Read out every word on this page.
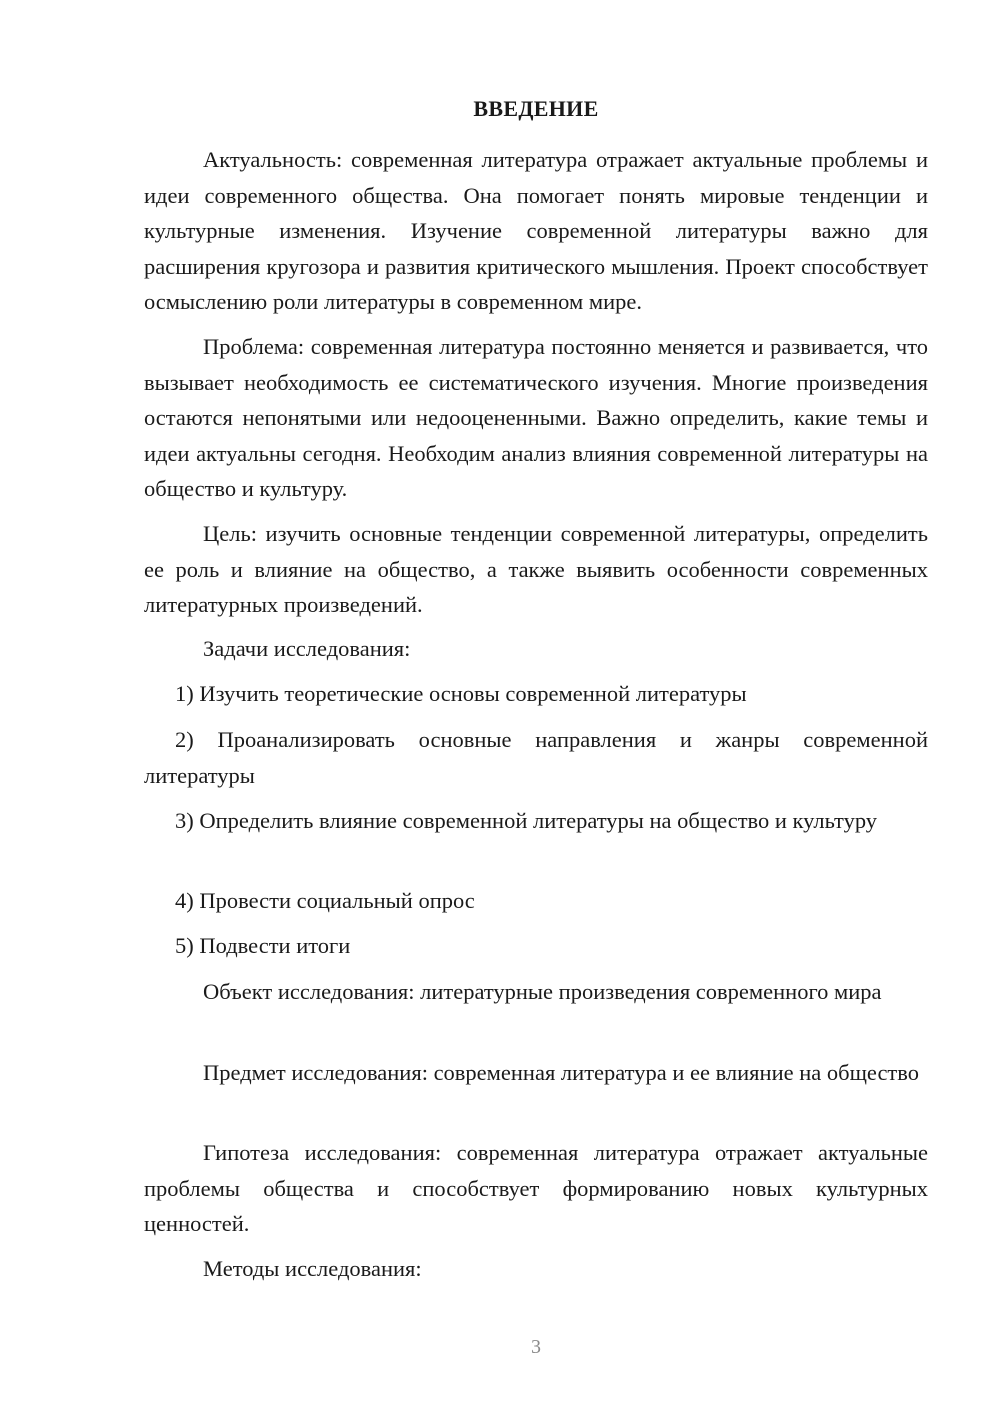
ВВЕДЕНИЕ

Актуальность: современная литература отражает актуальные проблемы и идеи современного общества. Она помогает понять мировые тенденции и культурные изменения. Изучение современной литературы важно для расширения кругозора и развития критического мышления. Проект способствует осмыслению роли литературы в современном мире.

Проблема: современная литература постоянно меняется и развивается, что вызывает необходимость ее систематического изучения. Многие произведения остаются непонятыми или недооцененными. Важно определить, какие темы и идеи актуальны сегодня. Необходим анализ влияния современной литературы на общество и культуру.

Цель: изучить основные тенденции современной литературы, определить ее роль и влияние на общество, а также выявить особенности современных литературных произведений.

Задачи исследования:

1) Изучить теоретические основы современной литературы

2) Проанализировать основные направления и жанры современной литературы

3) Определить влияние современной литературы на общество и культуру

4) Провести социальный опрос

5) Подвести итоги

Объект исследования: литературные произведения современного мира

Предмет исследования: современная литература и ее влияние на общество

Гипотеза исследования: современная литература отражает актуальные проблемы общества и способствует формированию новых культурных ценностей.

Методы исследования:

3
